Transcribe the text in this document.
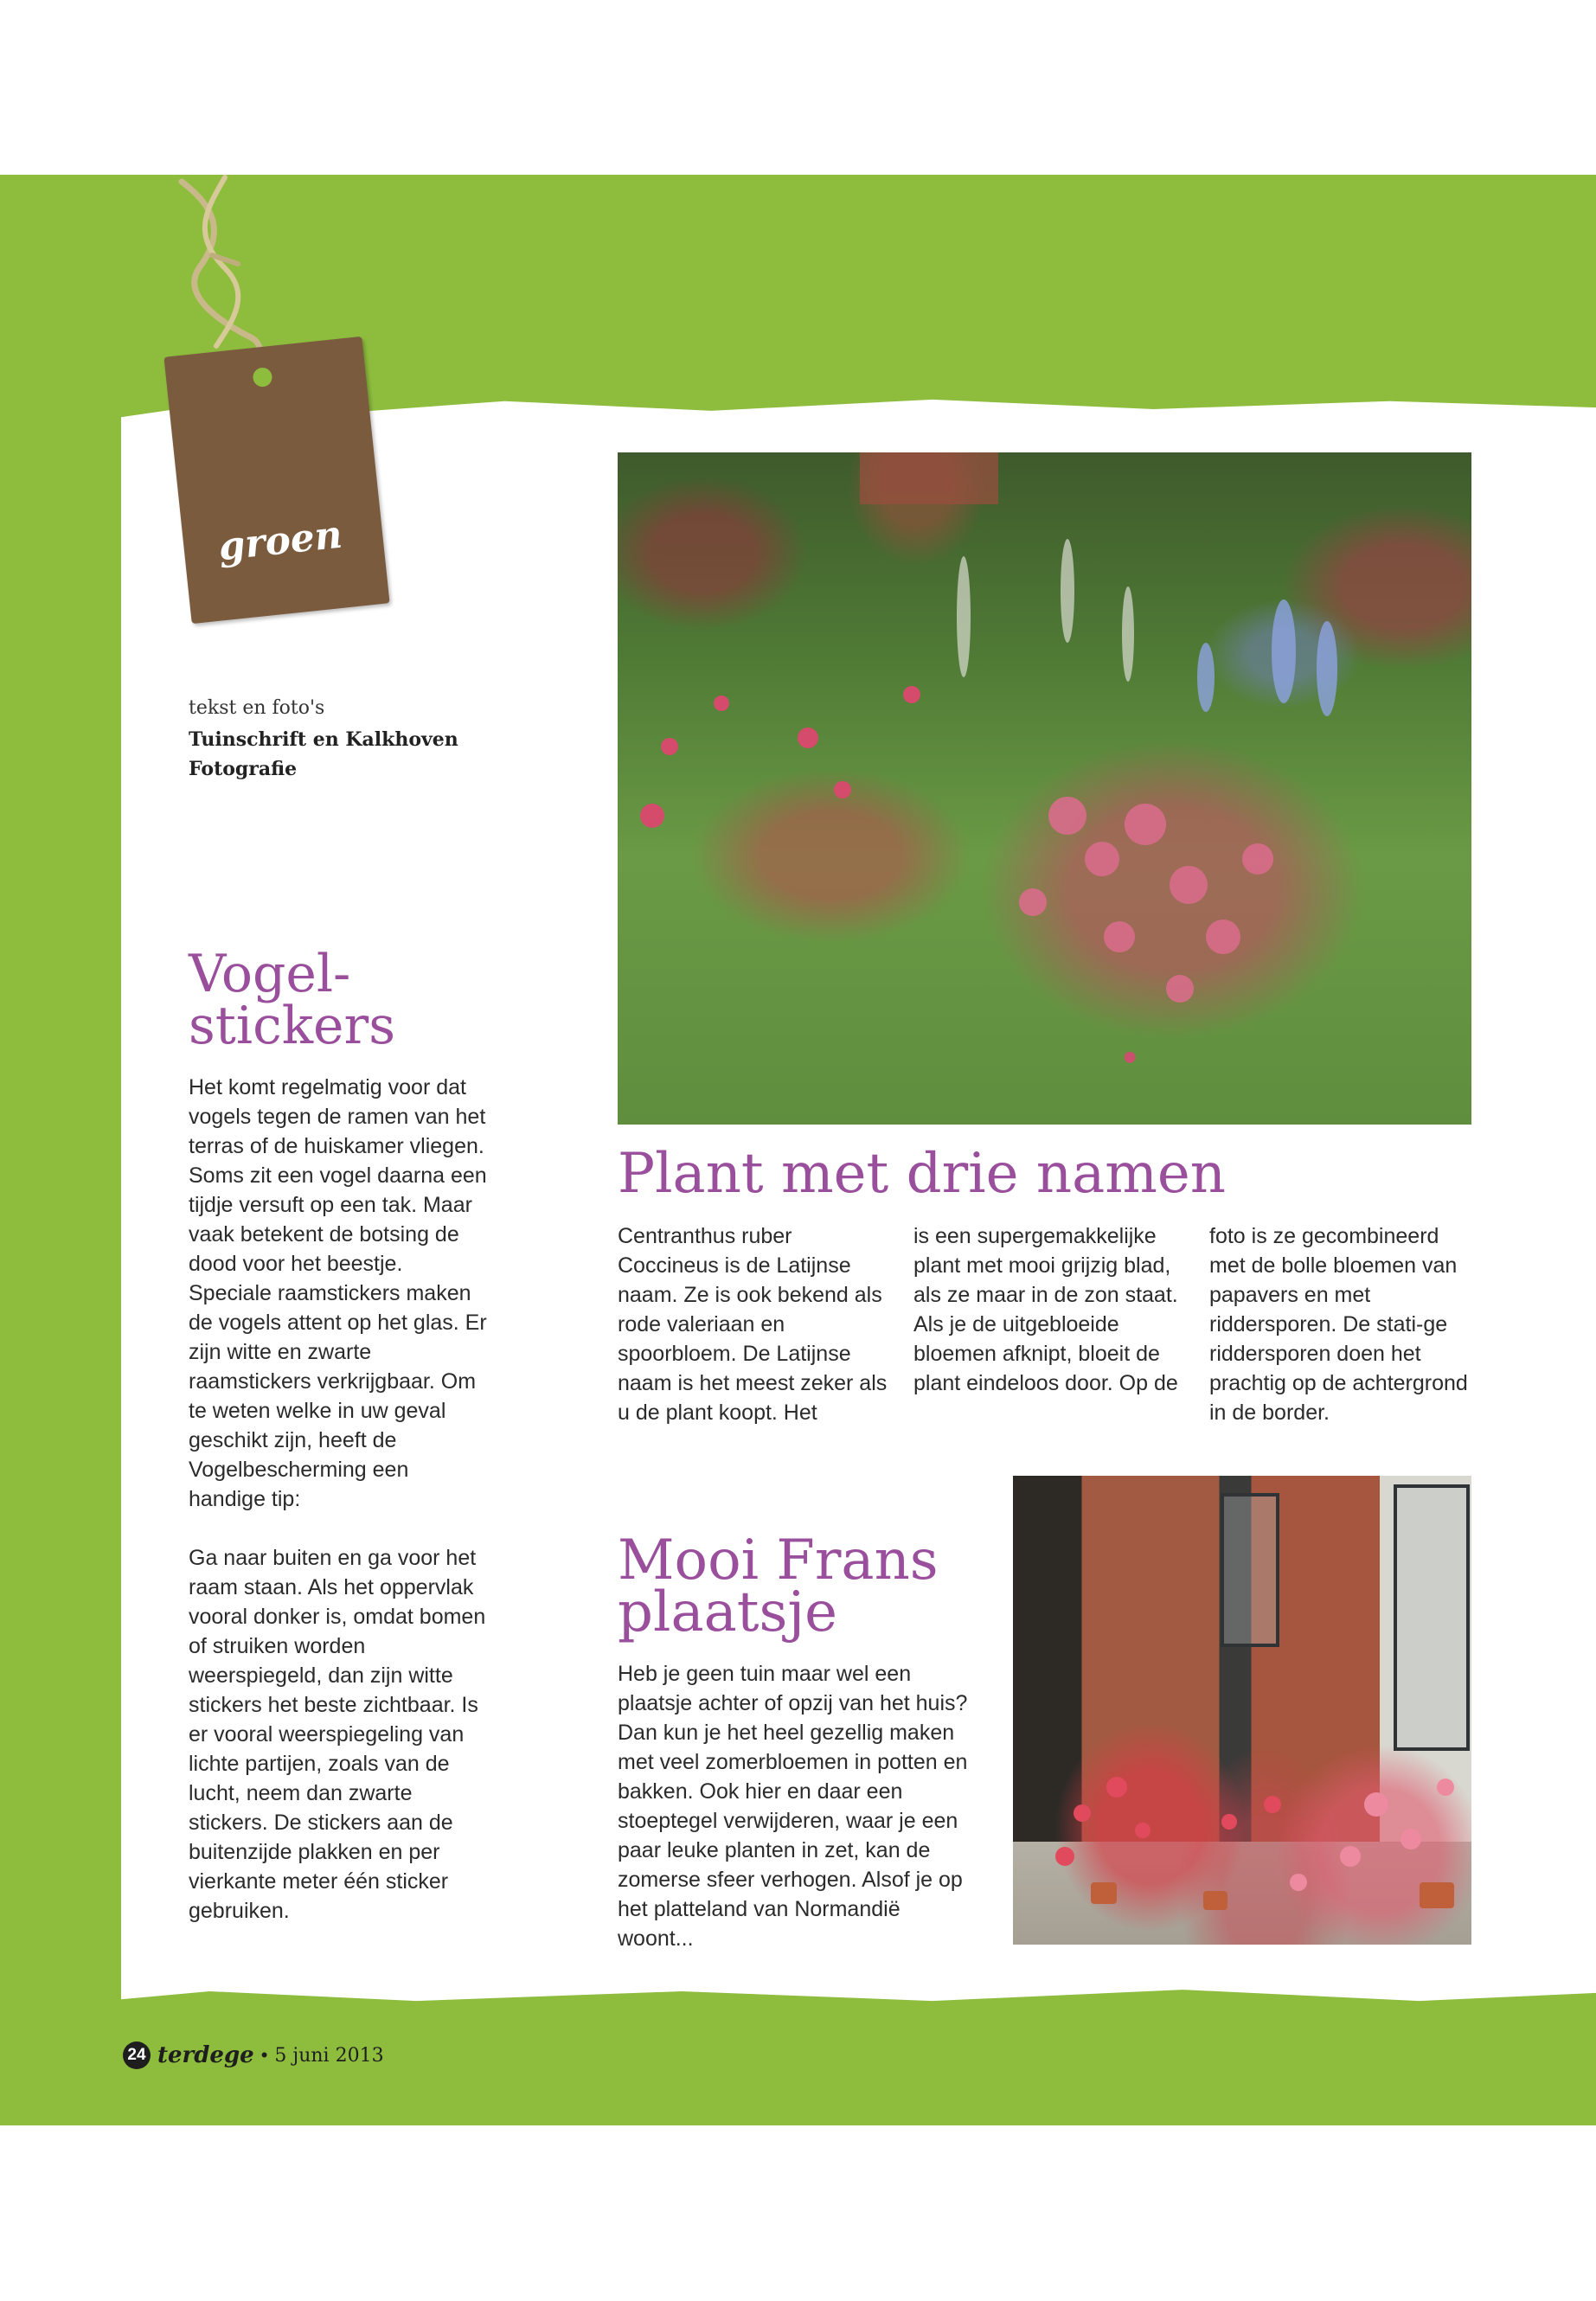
groen
tekst en foto's
Tuinschrift en Kalkhoven Fotografie
Vogel-stickers

Het komt regelmatig voor dat vogels tegen de ramen van het terras of de huiskamer vliegen. Soms zit een vogel daarna een tijdje versuft op een tak. Maar vaak betekent de botsing de dood voor het beestje. Speciale raamstickers maken de vogels attent op het glas. Er zijn witte en zwarte raamstickers verkrijgbaar. Om te weten welke in uw geval geschikt zijn, heeft de Vogelbescherming een handige tip:

Ga naar buiten en ga voor het raam staan. Als het oppervlak vooral donker is, omdat bomen of struiken worden weerspiegeld, dan zijn witte stickers het beste zichtbaar. Is er vooral weerspiegeling van lichte partijen, zoals van de lucht, neem dan zwarte stickers. De stickers aan de buitenzijde plakken en per vierkante meter één sticker gebruiken.

Plant met drie namen

Centranthus ruber Coccineus is de Latijnse naam. Ze is ook bekend als rode valeriaan en spoorbloem. De Latijnse naam is het meest zeker als u de plant koopt. Het

is een supergemakkelijke plant met mooi grijzig blad, als ze maar in de zon staat. Als je de uitgebloeide bloemen afknipt, bloeit de plant eindeloos door. Op de

foto is ze gecombineerd met de bolle bloemen van papavers en met riddersporen. De stati-ge riddersporen doen het prachtig op de achtergrond in de border.

Mooi Frans plaatsje

Heb je geen tuin maar wel een plaatsje achter of opzij van het huis? Dan kun je het heel gezellig maken met veel zomerbloemen in potten en bakken. Ook hier en daar een stoeptegel verwijderen, waar je een paar leuke planten in zet, kan de zomerse sfeer verhogen. Alsof je op het platteland van Normandië woont...

24 terdege • 5 juni 2013
